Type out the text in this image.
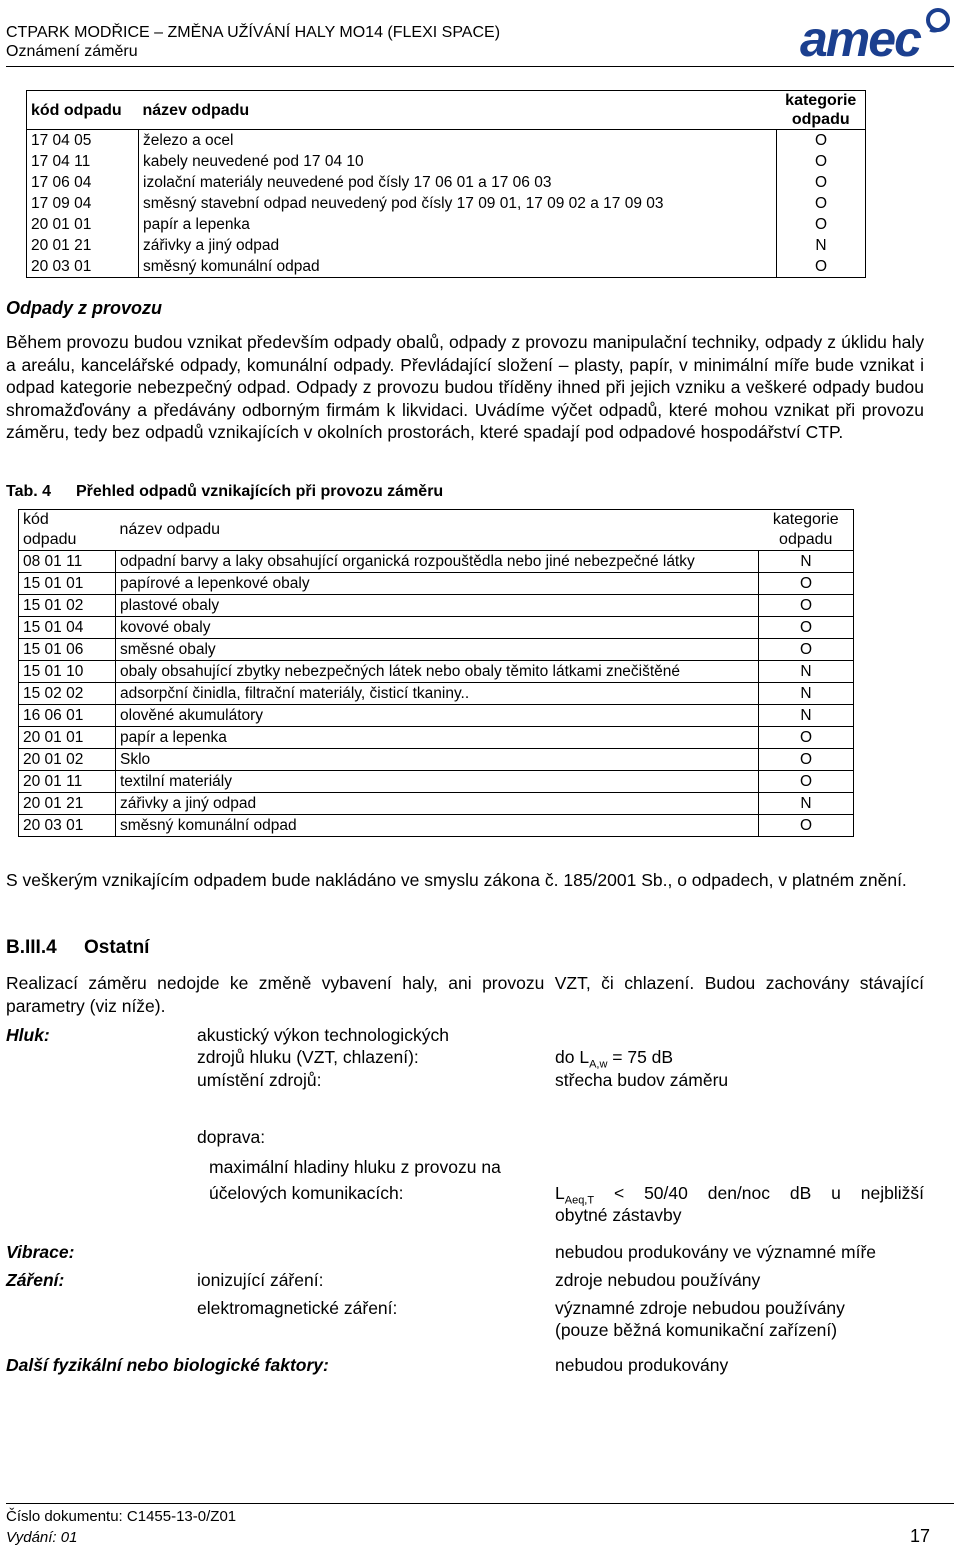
CTPARK MODŘICE – ZMĚNA UŽÍVÁNÍ HALY MO14 (FLEXI SPACE)
Oznámení záměru	amec
kód odpadu	název odpadu	kategorie
odpadu
17 04 05	železo a ocel	O
17 04 11	kabely neuvedené pod 17 04 10	O
17 06 04	izolační materiály neuvedené pod čísly 17 06 01 a 17 06 03	O
17 09 04	směsný stavební odpad neuvedený pod čísly 17 09 01, 17 09 02 a 17 09 03	O
20 01 01	papír a lepenka	O
20 01 21	zářivky a jiný odpad	N
20 03 01	směsný komunální odpad	O
Odpady z provozu
Během provozu budou vznikat především odpady obalů, odpady z provozu manipulační techniky, odpady z úklidu haly a areálu, kancelářské odpady, komunální odpady. Převládající složení – plasty, papír, v minimální míře bude vznikat i odpad kategorie nebezpečný odpad. Odpady z provozu budou tříděny ihned při jejich vzniku a veškeré odpady budou shromažďovány a předávány odborným firmám k likvidaci. Uvádíme výčet odpadů, které mohou vznikat při provozu záměru, tedy bez odpadů vznikajících v okolních prostorách, které spadají pod odpadové hospodářství CTP.
Tab. 4 Přehled odpadů vznikajících při provozu záměru
kód
odpadu	název odpadu	kategorie
odpadu
08 01 11	odpadní barvy a laky obsahující organická rozpouštědla nebo jiné nebezpečné látky	N
15 01 01	papírové a lepenkové obaly	O
15 01 02	plastové obaly	O
15 01 04	kovové obaly	O
15 01 06	směsné obaly	O
15 01 10	obaly obsahující zbytky nebezpečných látek nebo obaly těmito látkami znečištěné	N
15 02 02	adsorpční činidla, filtrační materiály, čisticí tkaniny..	N
16 06 01	olověné akumulátory	N
20 01 01	papír a lepenka	O
20 01 02	Sklo	O
20 01 11	textilní materiály	O
20 01 21	zářivky a jiný odpad	N
20 03 01	směsný komunální odpad	O
S veškerým vznikajícím odpadem bude nakládáno ve smyslu zákona č. 185/2001 Sb., o odpadech, v platném znění.
B.III.4 Ostatní
Realizací záměru nedojde ke změně vybavení haly, ani provozu VZT, či chlazení. Budou zachovány stávající parametry (viz níže).
Hluk:	akustický výkon technologických
zdrojů hluku (VZT, chlazení):	do $L_{A,w} = 75$ dB
umístění zdrojů:	střecha budov záměru
doprava:
maximální hladiny hluku z provozu na
účelových komunikacích:	$L_{Aeq,T} < 50/40$ den/noc dB u nejbližší
obytné zástavby
Vibrace:	nebudou produkovány ve významné míře
Záření:	ionizující záření:	zdroje nebudou používány
elektromagnetické záření:	významné zdroje nebudou používány
(pouze běžná komunikační zařízení)
Další fyzikální nebo biologické faktory:	nebudou produkovány
Číslo dokumentu: C1455-13-0/Z01
Vydání: 01	17
